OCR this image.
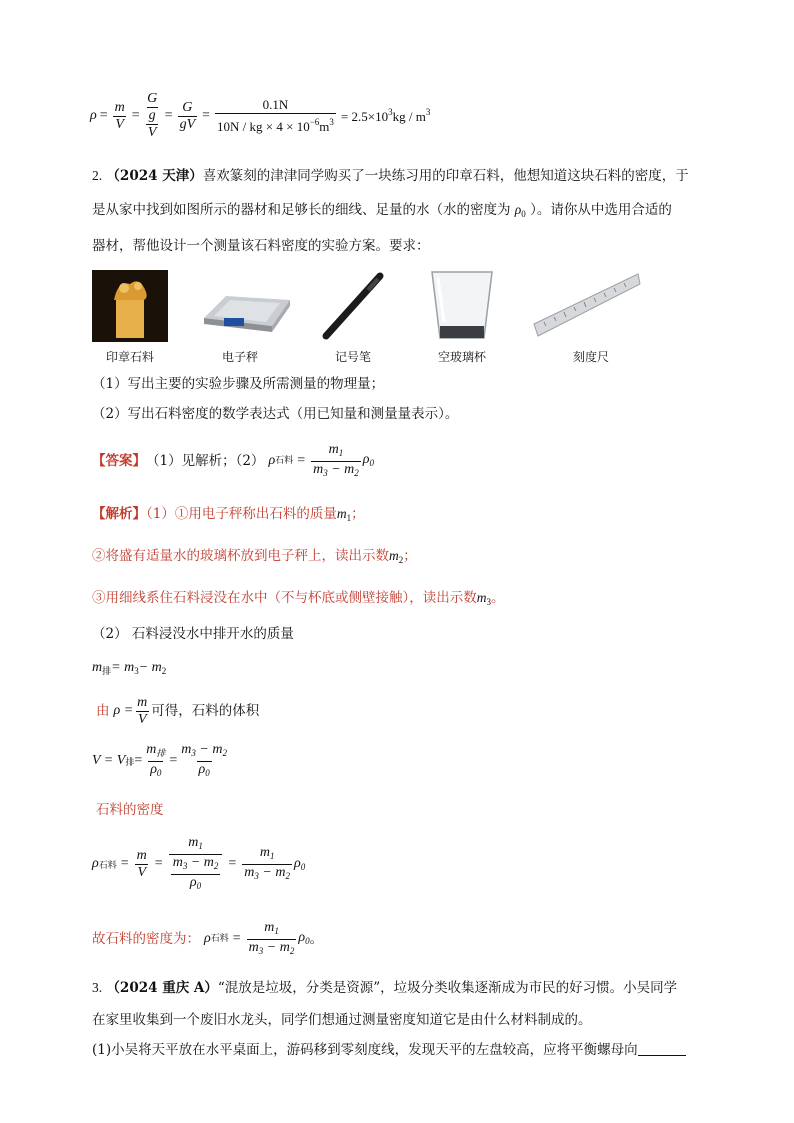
$\rho = \frac{m}{V} = G$
g
$V = \frac{G}{gV} = \frac{0.1N}{10N / kg \times 4 \times 10^{-6}m^3} = 2.5\times 10^3kg / m^3$
2. （2024 天津）喜欢篆刻的津津同学购买了一块练习用的印章石料，他想知道这块石料的密度，于
是从家中找到如图所示的器材和足够长的细线、足量的水（水的密度为 $\rho_0$ ）。请你从中选用合适的
器材，帮他设计一个测量该石料密度的实验方案。要求：
印章石料	电子秤	记号笔	空玻璃杯	刻度尺
（1）写出主要的实验步骤及所需测量的物理量；
（2）写出石料密度的数学表达式（用已知量和测量量表示）。
【答案】 （1）见解析；（2） ρ 石料 = $\frac{m_1}{m_3 - m_2} \rho_0$
【解析】（1）①用电子秤称出石料的质量$m_1$；
②将盛有适量水的玻璃杯放到电子秤上，读出示数$m_2$；
③用细线系住石料浸没在水中（不与杯底或侧壁接触），读出示数$m_3$。
（2） 石料浸没水中排开水的质量
$m_排= m_3- m_2$
由 $\rho = \frac{m}{V}$ 可得，石料的体积
V = V 排 = $\frac{m_排}{\rho_0} = \frac{m_3 - m_2}{\rho_0}$
石料的密度
ρ 石料 = $\frac{m}{V} = m_1$
$m_3 - m_2$
$\rho_0 = \frac{m_1}{m_3 - m_2} \rho_0$
故石料的密度为： ρ 石料 = $\frac{m_1}{m_3 - m_2} \rho_0$ 。
3. （2024 重庆 A）“混放是垃圾，分类是资源”，垃圾分类收集逐渐成为市民的好习惯。小吴同学
在家里收集到一个废旧水龙头，同学们想通过测量密度知道它是由什么材料制成的。
(1)小吴将天平放在水平桌面上，游码移到零刻度线，发现天平的左盘较高，应将平衡螺母向
